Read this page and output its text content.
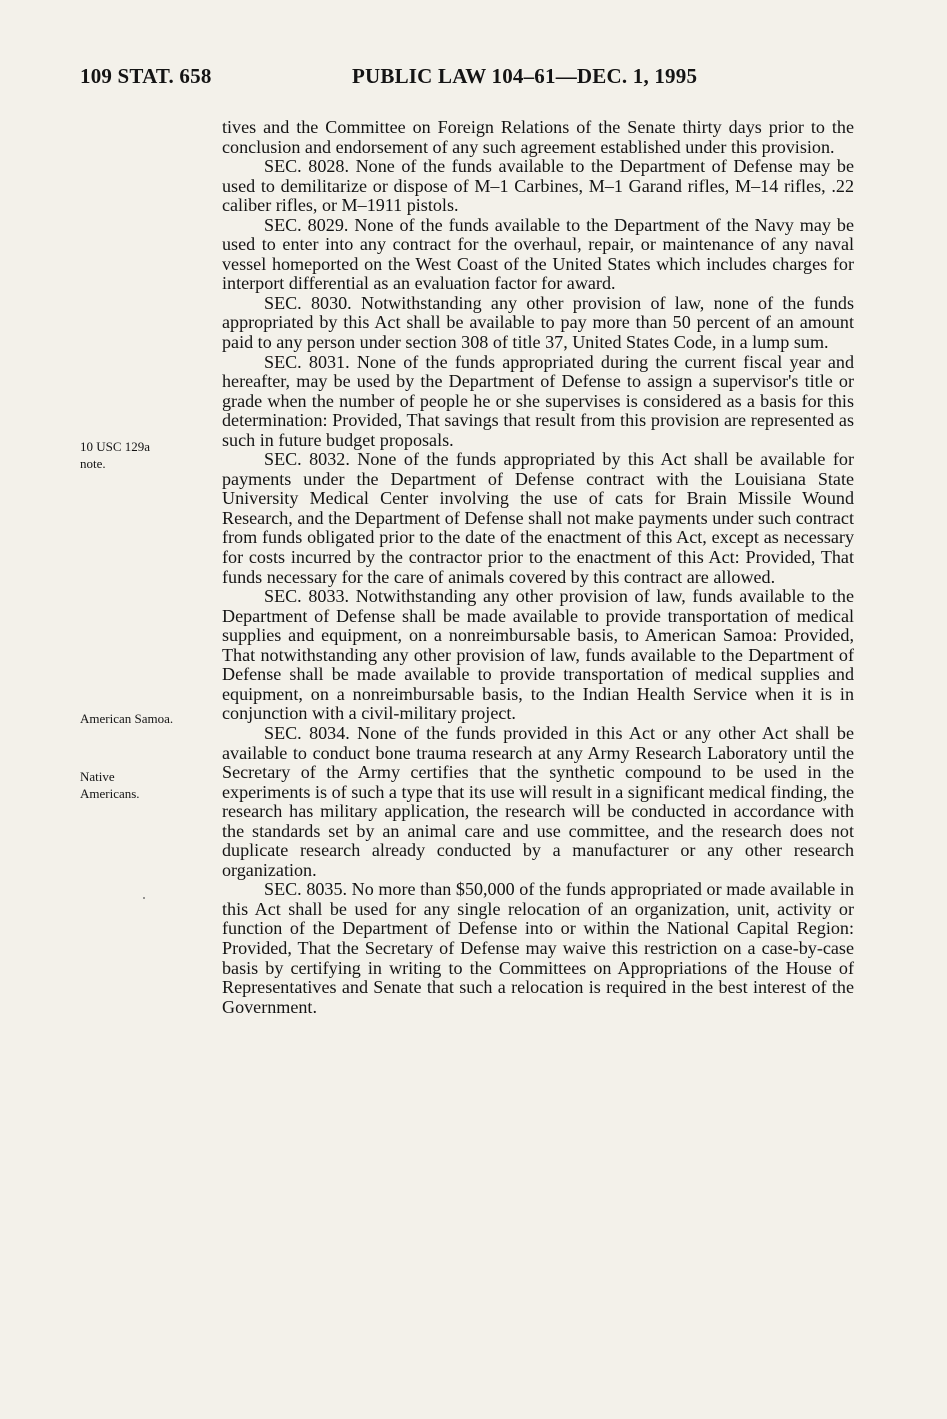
109 STAT. 658	PUBLIC LAW 104–61—DEC. 1, 1995
10 USC 129a
note.
American Samoa.
Native
Americans.

tives and the Committee on Foreign Relations of the Senate thirty days prior to the conclusion and endorsement of any such agreement established under this provision.

SEC. 8028. None of the funds available to the Department of Defense may be used to demilitarize or dispose of M–1 Carbines, M–1 Garand rifles, M–14 rifles, .22 caliber rifles, or M–1911 pistols.

SEC. 8029. None of the funds available to the Department of the Navy may be used to enter into any contract for the overhaul, repair, or maintenance of any naval vessel homeported on the West Coast of the United States which includes charges for interport differential as an evaluation factor for award.

SEC. 8030. Notwithstanding any other provision of law, none of the funds appropriated by this Act shall be available to pay more than 50 percent of an amount paid to any person under section 308 of title 37, United States Code, in a lump sum.

SEC. 8031. None of the funds appropriated during the current fiscal year and hereafter, may be used by the Department of Defense to assign a supervisor's title or grade when the number of people he or she supervises is considered as a basis for this determination: Provided, That savings that result from this provision are represented as such in future budget proposals.

SEC. 8032. None of the funds appropriated by this Act shall be available for payments under the Department of Defense contract with the Louisiana State University Medical Center involving the use of cats for Brain Missile Wound Research, and the Department of Defense shall not make payments under such contract from funds obligated prior to the date of the enactment of this Act, except as necessary for costs incurred by the contractor prior to the enactment of this Act: Provided, That funds necessary for the care of animals covered by this contract are allowed.

SEC. 8033. Notwithstanding any other provision of law, funds available to the Department of Defense shall be made available to provide transportation of medical supplies and equipment, on a nonreimbursable basis, to American Samoa: Provided, That notwithstanding any other provision of law, funds available to the Department of Defense shall be made available to provide transportation of medical supplies and equipment, on a nonreimbursable basis, to the Indian Health Service when it is in conjunction with a civil-military project.

SEC. 8034. None of the funds provided in this Act or any other Act shall be available to conduct bone trauma research at any Army Research Laboratory until the Secretary of the Army certifies that the synthetic compound to be used in the experiments is of such a type that its use will result in a significant medical finding, the research has military application, the research will be conducted in accordance with the standards set by an animal care and use committee, and the research does not duplicate research already conducted by a manufacturer or any other research organization.

SEC. 8035. No more than $50,000 of the funds appropriated or made available in this Act shall be used for any single relocation of an organization, unit, activity or function of the Department of Defense into or within the National Capital Region: Provided, That the Secretary of Defense may waive this restriction on a case-by-case basis by certifying in writing to the Committees on Appropriations of the House of Representatives and Senate that such a relocation is required in the best interest of the Government.
